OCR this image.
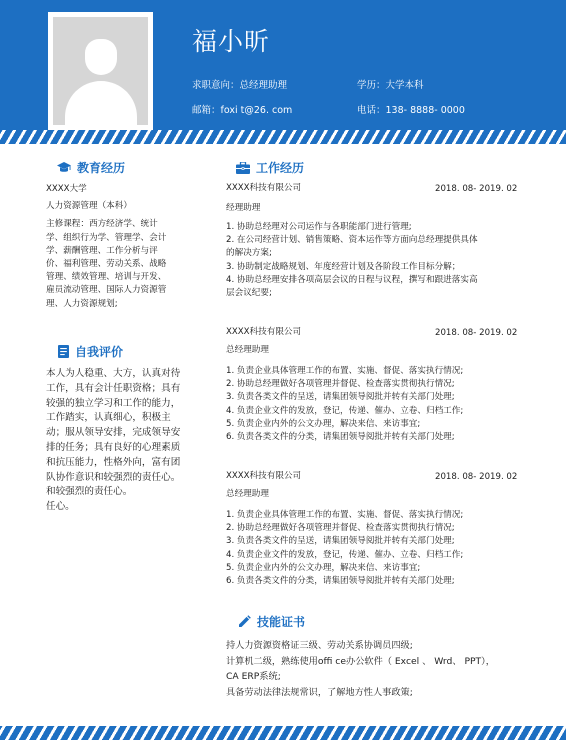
福小昕
求职意向：总经理助理	学历：大学本科
邮箱：foxi t@26. com	电话：138- 8888- 0000
教育经历
XXXX大学
人力资源管理（本科）
主修课程：西方经济学、统计
学、组织行为学、管理学、会计
学、薪酬管理、工作分析与评
价、福利管理、劳动关系、战略
管理、绩效管理、培训与开发、
雇员流动管理、国际人力资源管
理、人力资源规划;
自我评价
本人为人稳重、大方，认真对待
工作，具有会计任职资格；具有
较强的独立学习和工作的能力，
工作踏实，认真细心，积极主
动；服从领导安排，完成领导安
排的任务；具有良好的心理素质
和抗压能力，性格外向，富有团
队协作意识和较强烈的责任心。
和较强烈的责任心。
任心。
工作经历
XXXX科技有限公司	2018. 08- 2019. 02
经理助理
1. 协助总经理对公司运作与各职能部门进行管理;
2. 在公司经营计划、销售策略、资本运作等方面向总经理提供具体
的解决方案;
3. 协助制定战略规划、年度经营计划及各阶段工作目标分解；
4. 协助总经理安排各项高层会议的日程与议程，撰写和跟进落实高
层会议纪要;
XXXX科技有限公司	2018. 08- 2019. 02
总经理助理
1. 负责企业具体管理工作的布置、实施、督促、落实执行情况;
2. 协助总经理做好各项管理并督促、检查落实贯彻执行情况;
3. 负责各类文件的呈送，请集团领导阅批并转有关部门处理;
4. 负责企业文件的发放，登记，传递、催办、立卷、归档工作;
5. 负责企业内外的公文办理，解决来信、来访事宜;
6. 负责各类文件的分类，请集团领导阅批并转有关部门处理;
XXXX科技有限公司	2018. 08- 2019. 02
总经理助理
1. 负责企业具体管理工作的布置、实施、督促、落实执行情况;
2. 协助总经理做好各项管理并督促、检查落实贯彻执行情况;
3. 负责各类文件的呈送，请集团领导阅批并转有关部门处理;
4. 负责企业文件的发放，登记，传递、催办、立卷、归档工作;
5. 负责企业内外的公文办理，解决来信、来访事宜;
6. 负责各类文件的分类，请集团领导阅批并转有关部门处理;
技能证书
持人力资源资格证三级、劳动关系协调员四级;
计算机二级，熟练使用offi ce办公软件（ Excel 、 Wrd、 PPT），
CA ERP系统;
具备劳动法律法规常识，了解地方性人事政策;
